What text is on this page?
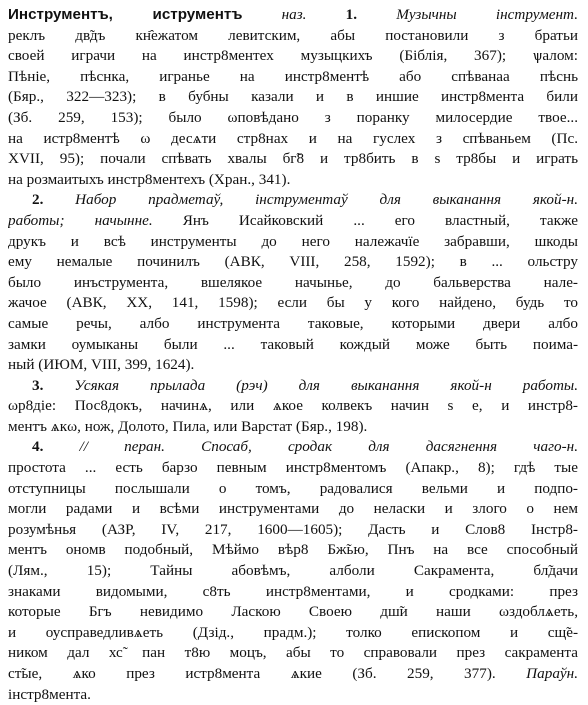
Инструментъ, иструментъ	наз.	1.	Музычны інструмент.
реклъ дв̃дъ кн҄ежатом левитским, абы постановили з братьи
своей играчи на инстр8ментех музыцкихъ (Біблія, 367); ѱалом:
Пѣніе, пѣснка, игранье на инстр8ментѣ або спѣванаа пѣснь
(Бяр., 322—323); в бубны казали и в иншие инстр8мента били
(Зб. 259, 153); было ωповѣдано з поранку милосердие твое...
на истр8ментѣ ω десѧти стр8нах и на гуслех з спѣваньем (Пс.
XVII, 95); почали спѣвать хвалы бг̃8 и тр8бить в ѕ тр8бы и играть
на розмаитыхъ инстр8ментехъ (Хран., 341).
2. Набор прадметаў, інструментаў для выканання якой-н.
работы; начынне. Янъ Исайковский ... его властный, также
друкъ и всѣ инструменты до него належачїе забравши, шкоды
ему немалые починилъ (АВК, VIII, 258, 1592); в ... ольстру
было инъструмента, вшелякое начынье, до бальверства нале-
жачое (АВК, XX, 141, 1598); если бы у кого найдено, будь то
самые речы, албо инструмента таковые, которыми двери албо
замки оумыканы были ... таковый кождый може быть поима-
ный (ИЮМ, VIII, 399, 1624).
3. Усякая прылада (рэч) для выканання якой-н работы.
ωр8діе: Пос8докъ, начинѧ, или ѧкое колвекъ начин ѕ е, и инстр8-
ментъ ѧкω, нож, Долото, Пила, или Варстат (Бяр., 198).
4. // перан. Спосаб, сродак для дасягнення чаго-н.
простота ... есть барзо певным инстр8ментомъ (Апакр., 8); гдѣ тые
отступницы послышали о томъ, радовалися вельми и подпо-
могли радами и всѣми инструментами до неласки и злого о нем
розумѣнья (АЗР, IV, 217, 1600—1605); Дасть и Слов8 Інстр8-
ментъ ономв подобный, Мѣймо вѣр8 Бж̃ью, Пнъ на все способный
(Лям., 15); Тайны абовѣмъ, алболи Сакрамента, бл̃дачи
знаками видомыми, с8ть инстр8ментами, и сродками: през
которые Бгъ невидимо Ласкою Своею дш̃и наши ωздоблѧеть,
и оусправедливѧеть (Дзід., прадм.); толко епископом и сщ̃е-
ником дал хс̃ пан т8ю моцъ, абы то справовали през сакрамента
ст̃ые, ѧко през истр8мента ѧкие (Зб. 259, 377). Параўн.
інстр8мента.
